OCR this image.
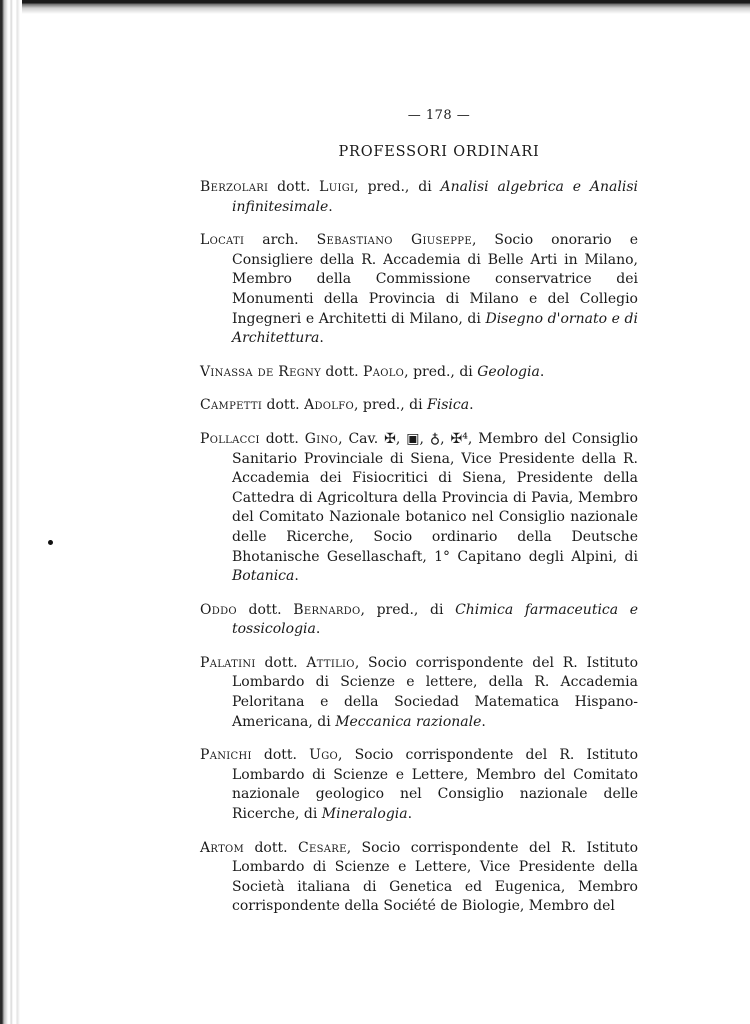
— 178 —
PROFESSORI ORDINARI

Berzolari dott. Luigi, pred., di Analisi algebrica e Analisi infinitesimale.

Locati arch. Sebastiano Giuseppe, Socio onorario e Consigliere della R. Accademia di Belle Arti in Milano, Membro della Commissione conservatrice dei Monumenti della Provincia di Milano e del Collegio Ingegneri e Architetti di Milano, di Disegno d'ornato e di Architettura.

Vinassa de Regny dott. Paolo, pred., di Geologia.

Campetti dott. Adolfo, pred., di Fisica.

Pollacci dott. Gino, Cav. ✠, ▣, ♁, ✠⁴, Membro del Consiglio Sanitario Provinciale di Siena, Vice Presidente della R. Accademia dei Fisiocritici di Siena, Presidente della Cattedra di Agricoltura della Provincia di Pavia, Membro del Comitato Nazionale botanico nel Consiglio nazionale delle Ricerche, Socio ordinario della Deutsche Bhotanische Gesellaschaft, 1° Capitano degli Alpini, di Botanica.

Oddo dott. Bernardo, pred., di Chimica farmaceutica e tossicologia.

Palatini dott. Attilio, Socio corrispondente del R. Istituto Lombardo di Scienze e lettere, della R. Accademia Peloritana e della Sociedad Matematica Hispano-Americana, di Meccanica razionale.

Panichi dott. Ugo, Socio corrispondente del R. Istituto Lombardo di Scienze e Lettere, Membro del Comitato nazionale geologico nel Consiglio nazionale delle Ricerche, di Mineralogia.

Artom dott. Cesare, Socio corrispondente del R. Istituto Lombardo di Scienze e Lettere, Vice Presidente della Società italiana di Genetica ed Eugenica, Membro corrispondente della Société de Biologie, Membro del
